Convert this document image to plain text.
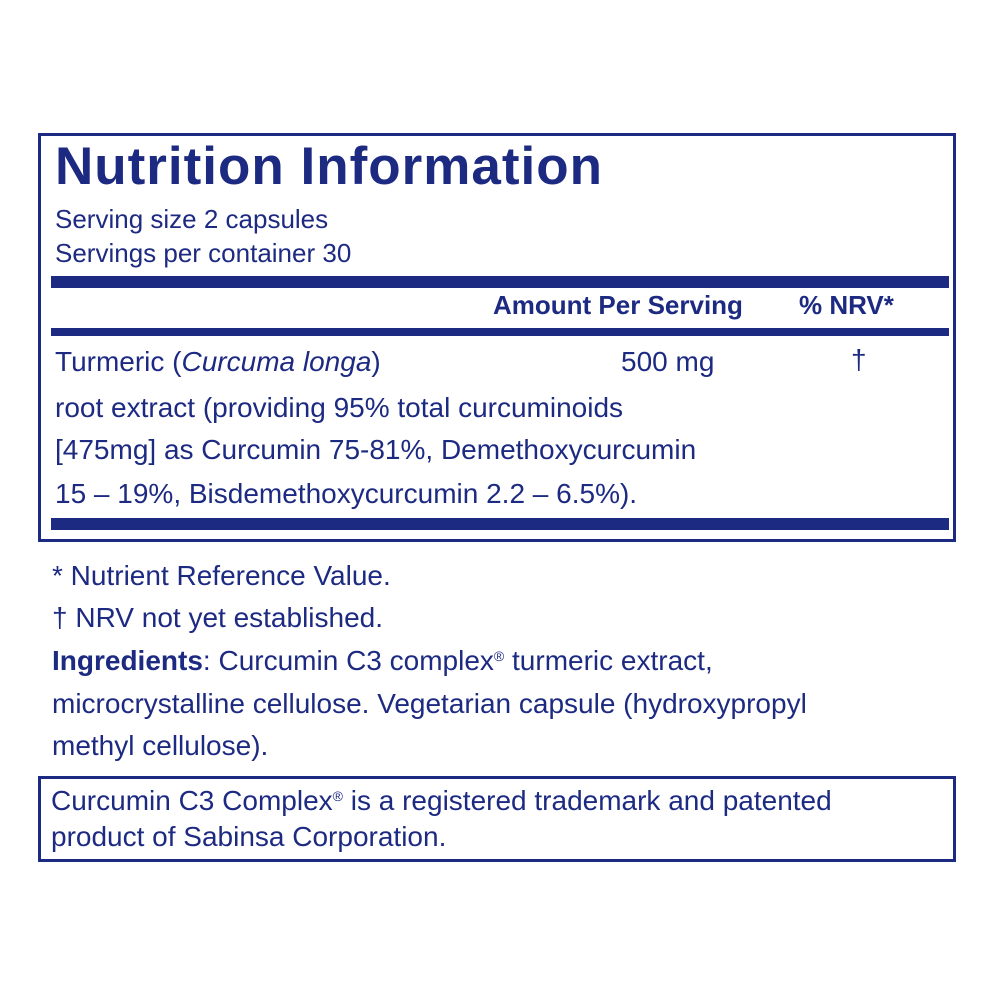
Nutrition Information
Serving size 2 capsules
Servings per container 30
Amount Per Serving % NRV*
Turmeric (Curcuma longa)	500 mg	†
root extract (providing 95% total curcuminoids
[475mg] as Curcumin 75-81%, Demethoxycurcumin
15 – 19%, Bisdemethoxycurcumin 2.2 – 6.5%).
* Nutrient Reference Value.
† NRV not yet established.
Ingredients: Curcumin C3 complex® turmeric extract,
microcrystalline cellulose. Vegetarian capsule (hydroxypropyl
methyl cellulose).
Curcumin C3 Complex® is a registered trademark and patented
product of Sabinsa Corporation.
